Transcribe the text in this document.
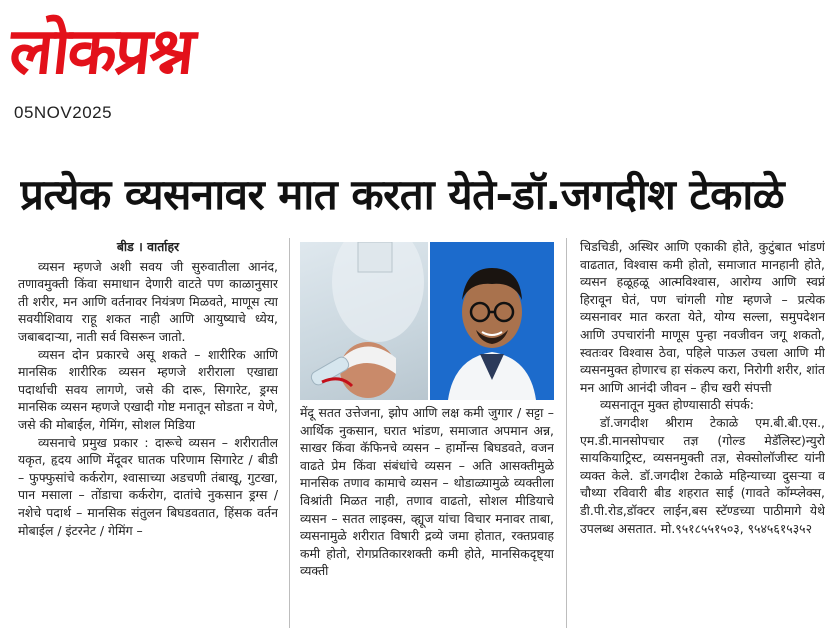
लोकप्रश्न
05NOV2025
प्रत्येक व्यसनावर मात करता येते-डॉ.जगदीश टेकाळे

बीड । वार्ताहर

व्यसन म्हणजे अशी सवय जी सुरुवातीला आनंद, तणावमुक्ती किंवा समाधान देणारी वाटते पण काळानुसार ती शरीर, मन आणि वर्तनावर नियंत्रण मिळवते, माणूस त्या सवयीशिवाय राहू शकत नाही आणि आयुष्याचे ध्येय, जबाबदाऱ्या, नाती सर्व विसरून जातो.

व्यसन दोन प्रकारचे असू शकते – शारीरिक आणि मानसिक शारीरिक व्यसन म्हणजे शरीराला एखाद्या पदार्थाची सवय लागणे, जसे की दारू, सिगारेट, ड्रग्स मानसिक व्यसन म्हणजे एखादी गोष्ट मनातून सोडता न येणे, जसे की मोबाईल, गेमिंग, सोशल मिडिया

व्यसनाचे प्रमुख प्रकार : दारूचे व्यसन – शरीरातील यकृत, हृदय आणि मेंदूवर घातक परिणाम सिगारेट / बीडी – फुफ्फुसांचे कर्करोग, श्वासाच्या अडचणी तंबाखू, गुटखा, पान मसाला – तोंडाचा कर्करोग, दातांचे नुकसान ड्रग्स / नशेचे पदार्थ – मानसिक संतुलन बिघडवतात, हिंसक वर्तन मोबाईल / इंटरनेट / गेमिंग –

मेंदू सतत उत्तेजना, झोप आणि लक्ष कमी जुगार / सट्टा – आर्थिक नुकसान, घरात भांडण, समाजात अपमान अन्न, साखर किंवा कॅफिनचे व्यसन – हार्मोन्स बिघडवते, वजन वाढते प्रेम किंवा संबंधांचे व्यसन – अति आसक्तीमुळे मानसिक तणाव कामाचे व्यसन – थोडाळ्यामुळे व्यक्तीला विश्रांती मिळत नाही, तणाव वाढतो, सोशल मीडियाचे व्यसन – सतत लाइक्स, व्ह्यूज यांचा विचार मनावर ताबा, व्यसनामुळे शरीरात विषारी द्रव्ये जमा होतात, रक्तप्रवाह कमी होतो, रोगप्रतिकारशक्ती कमी होते, मानसिकदृष्ट्या व्यक्ती

चिडचिडी, अस्थिर आणि एकाकी होते, कुटुंबात भांडणं वाढतात, विश्वास कमी होतो, समाजात मानहानी होते, व्यसन हळूहळू आत्मविश्वास, आरोग्य आणि स्वप्नं हिरावून घेतं, पण चांगली गोष्ट म्हणजे – प्रत्येक व्यसनावर मात करता येते, योग्य सल्ला, समुपदेशन आणि उपचारांनी माणूस पुन्हा नवजीवन जगू शकतो, स्वतःवर विश्वास ठेवा, पहिले पाऊल उचला आणि मी व्यसनमुक्त होणारच हा संकल्प करा, निरोगी शरीर, शांत मन आणि आनंदी जीवन – हीच खरी संपत्ती

व्यसनातून मुक्त होण्यासाठी संपर्क:

डॉ.जगदीश श्रीराम टेकाळे एम.बी.बी.एस., एम.डी.मानसोपचार तज्ञ (गोल्ड मेडॅलिस्ट)न्युरो सायकियाट्रिस्ट, व्यसनमुक्ती तज्ञ, सेक्सोलॉजीस्ट यांनी व्यक्त केले. डॉ.जगदीश टेकाळे महिन्याच्या दुसऱ्या व चौथ्या रविवारी बीड शहरात साई (गावते कॉम्प्लेक्स, डी.पी.रोड,डॉक्टर लाईन,बस स्टॅण्डच्या पाठीमागे येथे उपलब्ध असतात. मो.९५१८५५१५०३, ९५४५६१५३५२
